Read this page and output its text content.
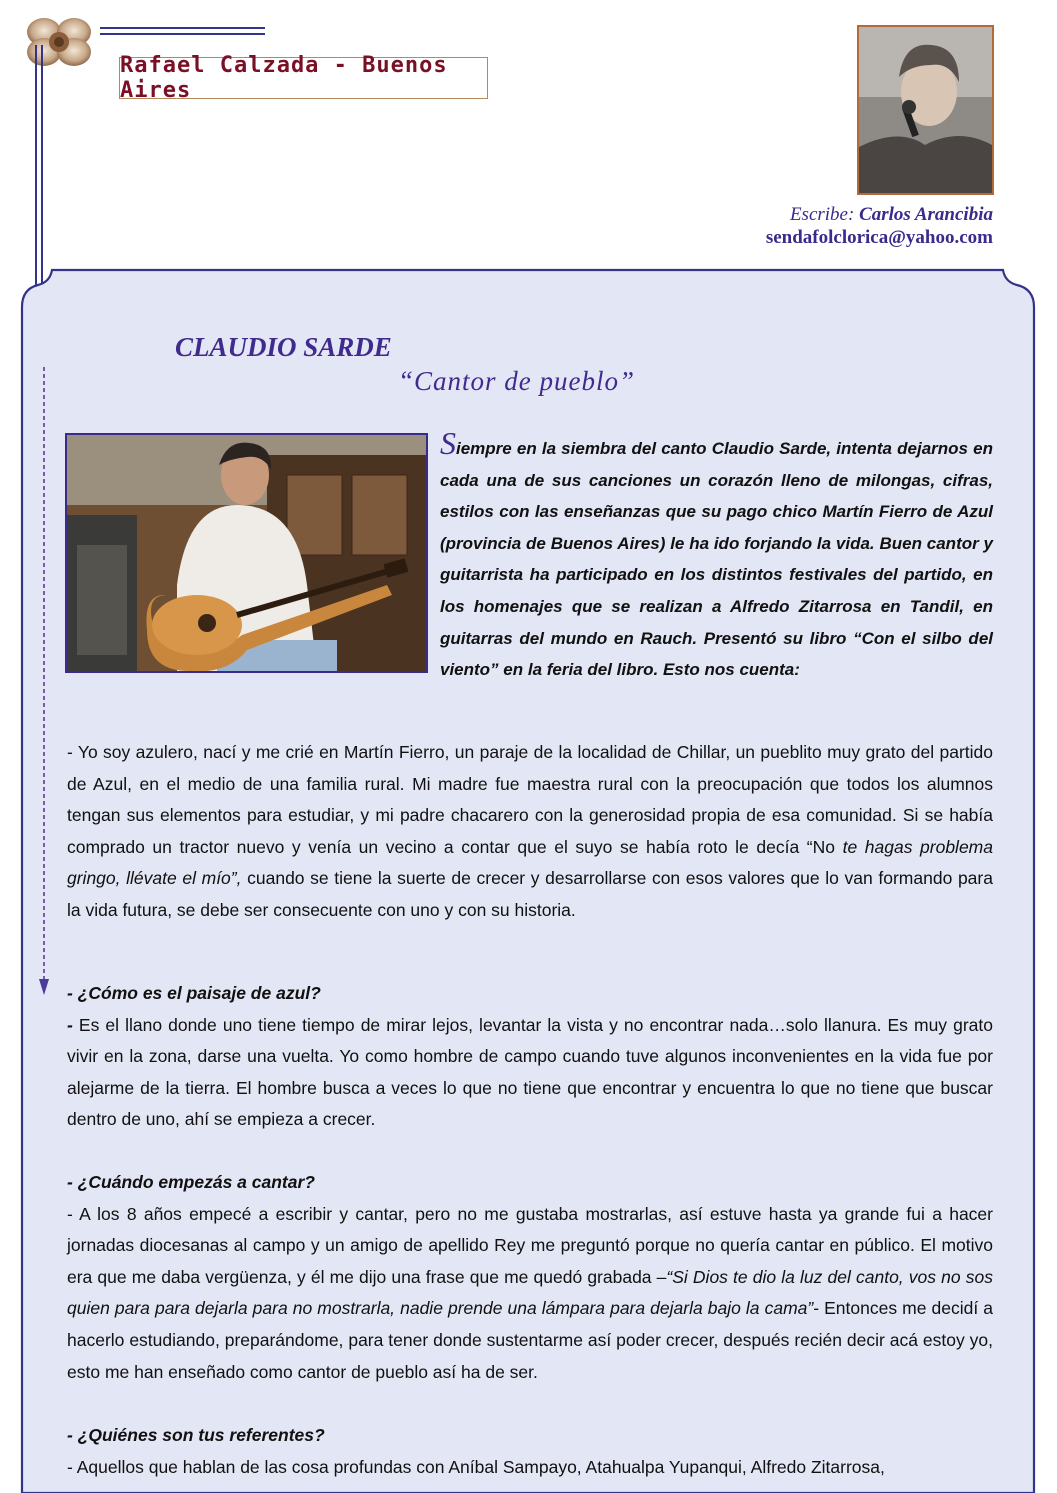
Rafael Calzada - Buenos Aires
Escribe: Carlos Arancibia
sendafolclorica@yahoo.com
CLAUDIO SARDE
“Cantor de pueblo”
Siempre en la siembra del canto Claudio Sarde, intenta dejarnos en cada una de sus canciones un corazón lleno de milongas, cifras, estilos con las enseñanzas que su pago chico Martín Fierro de Azul (provincia de Buenos Aires) le ha ido forjando la vida. Buen cantor y guitarrista ha participado en los distintos festivales del partido, en los homenajes que se realizan a Alfredo Zitarrosa en Tandil, en guitarras del mundo en Rauch. Presentó su libro “Con el silbo del viento” en la feria del libro. Esto nos cuenta:

- Yo soy azulero, nací y me crié en Martín Fierro, un paraje de la localidad de Chillar, un pueblito muy grato del partido de Azul, en el medio de una familia rural. Mi madre fue maestra rural con la preocupación que todos los alumnos tengan sus elementos para estudiar, y mi padre chacarero con la generosidad propia de esa comunidad. Si se había comprado un tractor nuevo y venía un vecino a contar que el suyo se había roto le decía “No te hagas problema gringo, llévate el mío”, cuando se tiene la suerte de crecer y desarrollarse con esos valores que lo van formando para la vida futura, se debe ser consecuente con uno y con su historia.

- ¿Cómo es el paisaje de azul?

- Es el llano donde uno tiene tiempo de mirar lejos, levantar la vista y no encontrar nada…solo llanura. Es muy grato vivir en la zona, darse una vuelta. Yo como hombre de campo cuando tuve algunos inconvenientes en la vida fue por alejarme de la tierra. El hombre busca a veces lo que no tiene que encontrar y encuentra lo que no tiene que buscar dentro de uno, ahí se empieza a crecer.

- ¿Cuándo empezás a cantar?

- A los 8 años empecé a escribir y cantar, pero no me gustaba mostrarlas, así estuve hasta ya grande fui a hacer jornadas diocesanas al campo y un amigo de apellido Rey me preguntó porque no quería cantar en público. El motivo era que me daba vergüenza, y él me dijo una frase que me quedó grabada –“Si Dios te dio la luz del canto, vos no sos quien para para dejarla para no mostrarla, nadie prende una lámpara para dejarla bajo la cama”- Entonces me decidí a hacerlo estudiando, preparándome, para tener donde sustentarme así poder crecer, después recién decir acá estoy yo, esto me han enseñado como cantor de pueblo así ha de ser.

- ¿Quiénes son tus referentes?

- Aquellos que hablan de las cosa profundas con Aníbal Sampayo, Atahualpa Yupanqui, Alfredo Zitarrosa,
